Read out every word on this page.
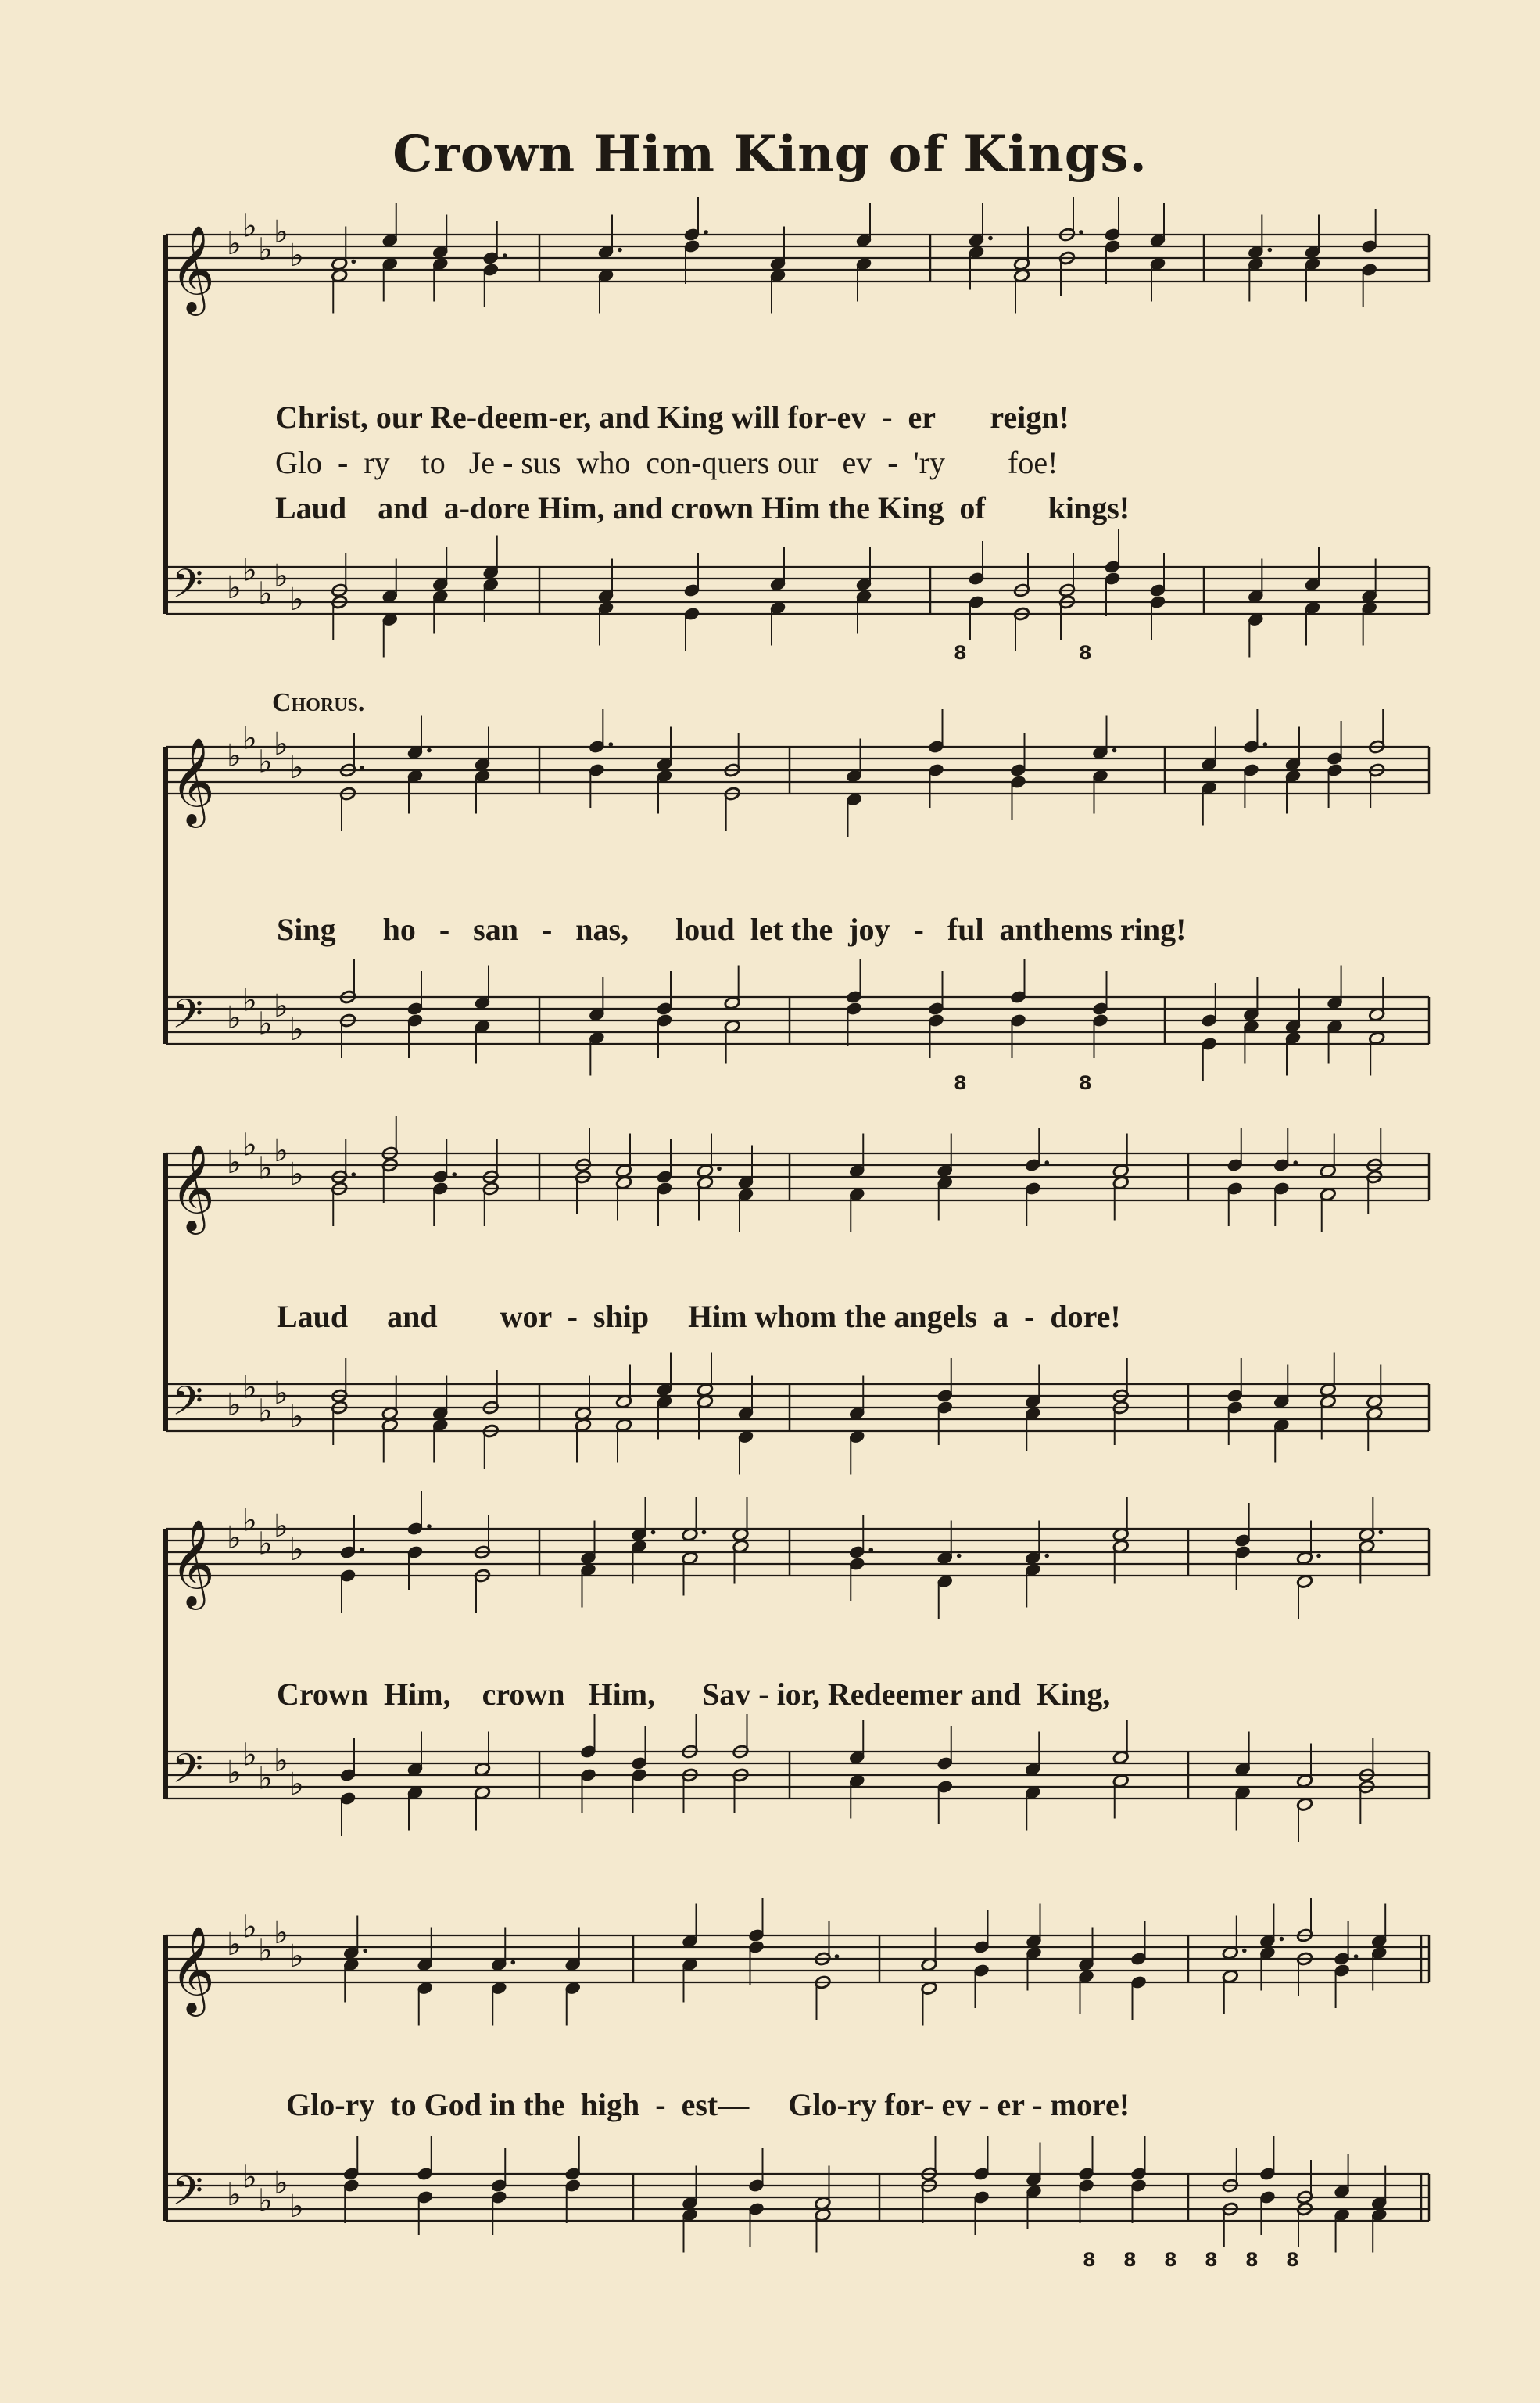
Crown Him King of Kings.
Chorus.
Christ, our Re-deem-er, and King will for-ev  -  er       reign!
Glo  -  ry    to   Je - sus  who  con-quers our   ev  -  'ry        foe!
Laud    and  a-dore Him, and crown Him the King  of        kings!
Sing      ho   -   san   -   nas,      loud  let the  joy   -   ful  anthems ring!
Laud     and        wor  -  ship     Him whom the angels  a  -  dore!
Crown  Him,    crown   Him,      Sav - ior, Redeemer and  King,
Glo-ry  to God in the  high  -  est—     Glo-ry for- ev - er - more!
𝄞 ♭ ♭
♭ ♭
♭
𝄢 ♭ ♭
♭ ♭
♭
8	8
𝄞 ♭ ♭
♭ ♭
♭
𝄢 ♭ ♭
♭ ♭
♭
8	8
𝄞 ♭ ♭
♭ ♭
♭
𝄢 ♭ ♭
♭ ♭
♭
𝄞 ♭ ♭
♭ ♭
♭
𝄢 ♭ ♭
♭ ♭
♭
𝄞 ♭ ♭
♭ ♭
♭
𝄢 ♭ ♭
♭ ♭
♭
8 8 8 8 8 8
